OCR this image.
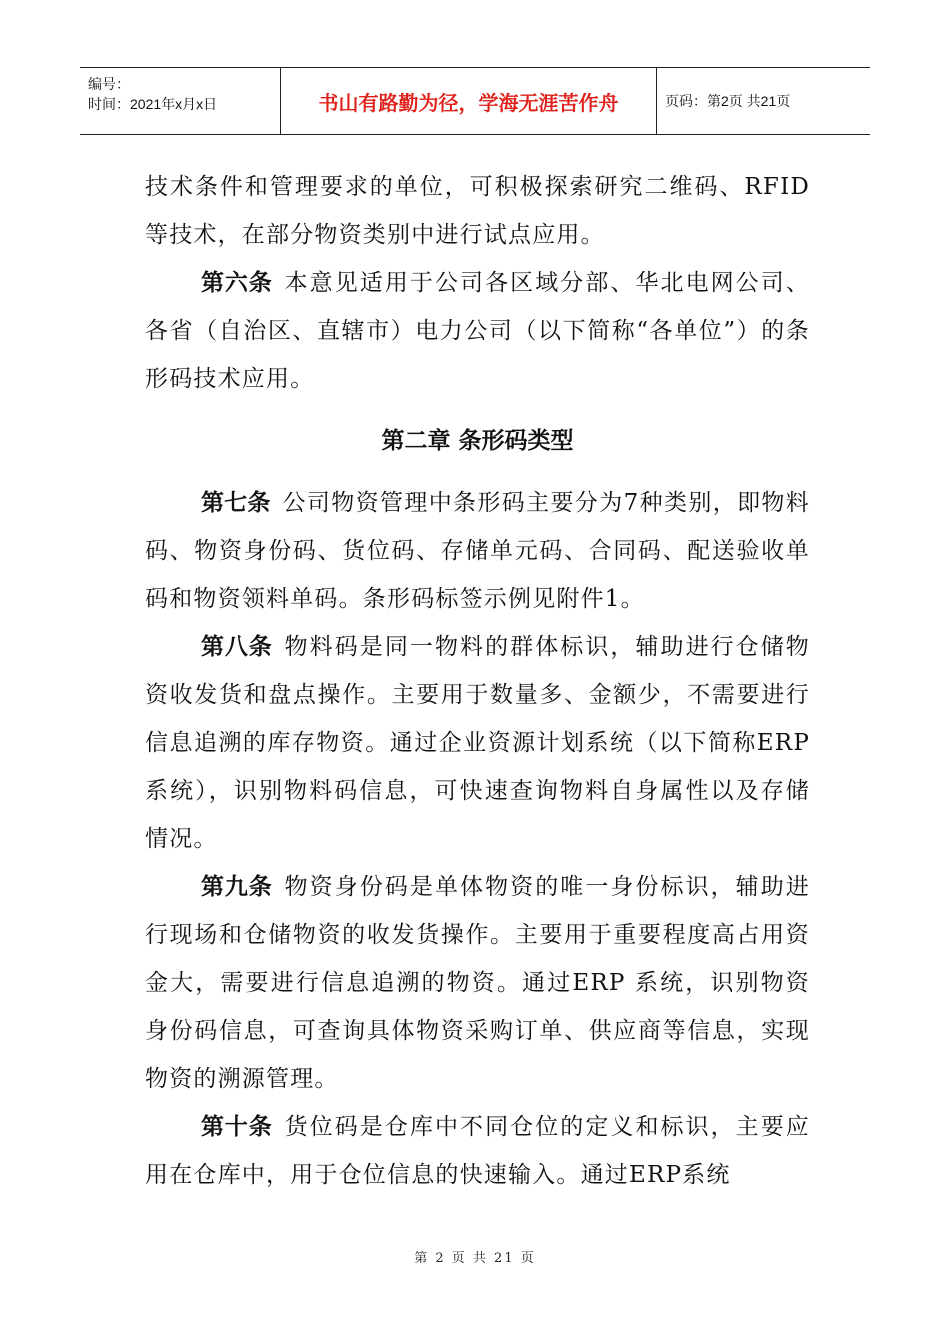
编号：
时间：2021年x月x日	书山有路勤为径，学海无涯苦作舟	页码：第2页 共21页

技术条件和管理要求的单位，可积极探索研究二维码、RFID等技术，在部分物资类别中进行试点应用。

第六条 本意见适用于公司各区域分部、华北电网公司、各省（自治区、直辖市）电力公司（以下简称“各单位”）的条形码技术应用。

第二章 条形码类型

第七条 公司物资管理中条形码主要分为7种类别，即物料码、物资身份码、货位码、存储单元码、合同码、配送验收单码和物资领料单码。条形码标签示例见附件1。

第八条 物料码是同一物料的群体标识，辅助进行仓储物资收发货和盘点操作。主要用于数量多、金额少，不需要进行信息追溯的库存物资。通过企业资源计划系统（以下简称ERP 系统），识别物料码信息，可快速查询物料自身属性以及存储情况。

第九条 物资身份码是单体物资的唯一身份标识，辅助进行现场和仓储物资的收发货操作。主要用于重要程度高占用资金大，需要进行信息追溯的物资。通过ERP 系统，识别物资身份码信息，可查询具体物资采购订单、供应商等信息，实现物资的溯源管理。

第十条 货位码是仓库中不同仓位的定义和标识，主要应用在仓库中，用于仓位信息的快速输入。通过ERP系统

第 2 页 共 21 页
